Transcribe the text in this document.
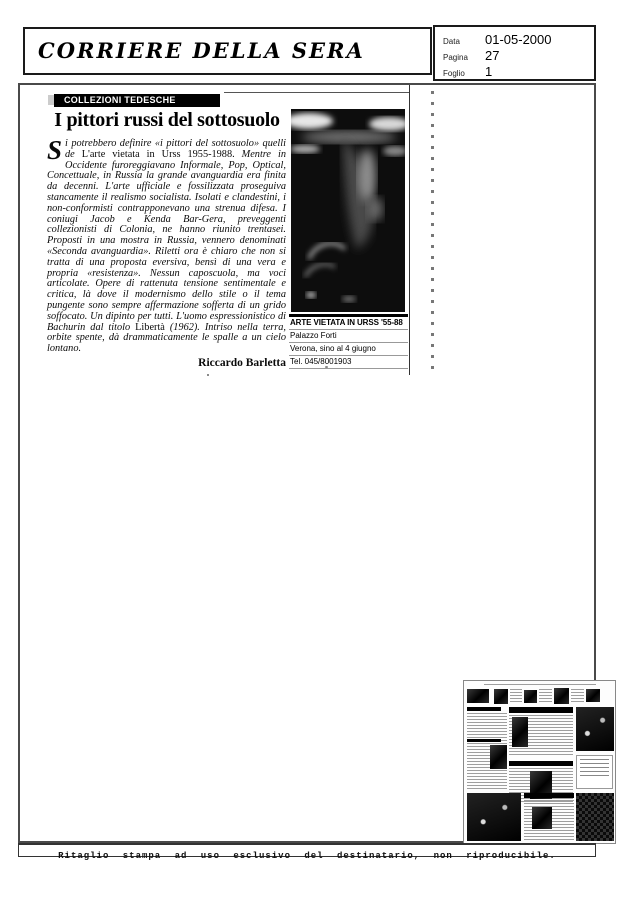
CORRIERE DELLA SERA	Data	01-05-2000
Pagina	27
Foglio	1
COLLEZIONI TEDESCHE
I pittori russi del sottosuolo
Si potrebbero definire «i pittori del sottosuolo» quelli de L'arte vietata in Urss 1955-1988. Mentre in Occidente furoreggiavano Informale, Pop, Optical, Concettuale, in Russia la grande avanguardia era finita da decenni. L'arte ufficiale e fossilizzata proseguiva stancamente il realismo socialista. Isolati e clandestini, i non-conformisti contrapponevano una strenua difesa. I coniugi Jacob e Kenda Bar-Gera, preveggenti collezionisti di Colonia, ne hanno riunito trentasei. Proposti in una mostra in Russia, vennero denominati «Seconda avanguardia». Riletti ora è chiaro che non si tratta di una proposta eversiva, bensì di una vera e propria «resistenza». Nessun caposcuola, ma voci articolate. Opere di rattenuta tensione sentimentale e critica, là dove il modernismo dello stile o il tema pungente sono sempre affermazione sofferta di un grido soffocato. Un dipinto per tutti. L'uomo espressionistico di Bachurin dal titolo Libertà (1962). Intriso nella terra, orbite spente, dà drammaticamente le spalle a un cielo lontano.
Riccardo Barletta
ARTE VIETATA IN URSS '55-88
Palazzo Forti
Verona, sino al 4 giugno
Tel. 045/8001903
Ritaglio stampa ad uso esclusivo del destinatario, non riproducibile.
